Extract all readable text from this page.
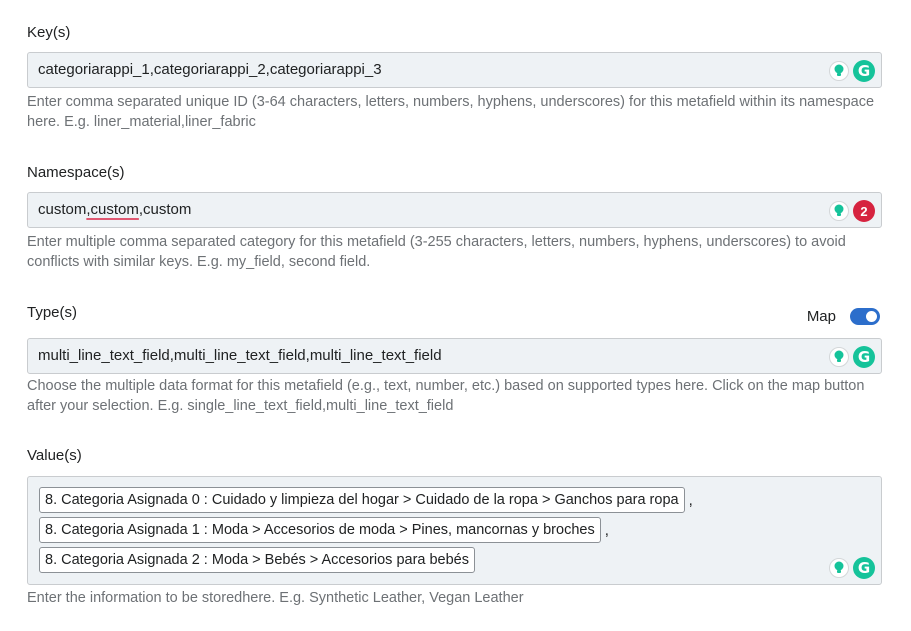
Key(s)
categoriarappi_1,categoriarappi_2,categoriarappi_3	G
Enter comma separated unique ID (3-64 characters, letters, numbers, hyphens, underscores) for this metafield within its namespace here. E.g. liner_material,liner_fabric
Namespace(s)
custom,custom,custom	2
Enter multiple comma separated category for this metafield (3-255 characters, letters, numbers, hyphens, underscores) to avoid conflicts with similar keys. E.g. my_field, second field.
Type(s)	Map
multi_line_text_field,multi_line_text_field,multi_line_text_field	G
Choose the multiple data format for this metafield (e.g., text, number, etc.) based on supported types here. Click on the map button after your selection. E.g. single_line_text_field,multi_line_text_field
Value(s)
8. Categoria Asignada 0 : Cuidado y limpieza del hogar > Cuidado de la ropa > Ganchos para ropa ,
8. Categoria Asignada 1 : Moda > Accesorios de moda > Pines, mancornas y broches ,
8. Categoria Asignada 2 : Moda > Bebés > Accesorios para bebés	G
Enter the information to be storedhere. E.g. Synthetic Leather, Vegan Leather
